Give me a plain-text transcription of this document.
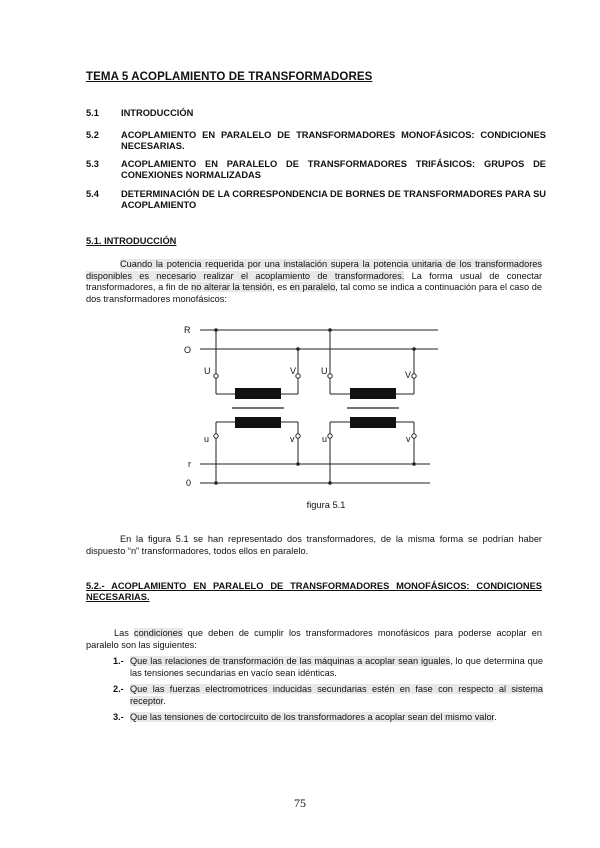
TEMA 5 ACOPLAMIENTO DE TRANSFORMADORES
5.1	INTRODUCCIÓN
5.2	ACOPLAMIENTO EN PARALELO DE TRANSFORMADORES MONOFÁSICOS: CONDICIONES NECESARIAS.
5.3	ACOPLAMIENTO EN PARALELO DE TRANSFORMADORES TRIFÁSICOS: GRUPOS DE CONEXIONES NORMALIZADAS
5.4	DETERMINACIÓN DE LA CORRESPONDENCIA DE BORNES DE TRANSFORMADORES PARA SU ACOPLAMIENTO
5.1. INTRODUCCIÓN
Cuando la potencia requerida por una instalación supera la potencia unitaria de los transformadores disponibles es necesario realizar el acoplamiento de transformadores. La forma usual de conectar transformadores, a fin de no alterar la tensión, es en paralelo, tal como se indica a continuación para el caso de dos transformadores monofásicos:
R
O
U	V	U	V
u	v	u	v
r
0
figura 5.1
En la figura 5.1 se han representado dos transformadores, de la misma forma se podrían haber dispuesto “n” transformadores, todos ellos en paralelo.
5.2.- ACOPLAMIENTO EN PARALELO DE TRANSFORMADORES MONOFÁSICOS: CONDICIONES NECESARIAS.
Las condiciones que deben de cumplir los transformadores monofásicos para poderse acoplar en paralelo son las siguientes:
1.- Que las relaciones de transformación de las máquinas a acoplar sean iguales, lo que determina que las tensiones secundarias en vacío sean idénticas.
2.- Que las fuerzas electromotrices inducidas secundarias estén en fase con respecto al sistema receptor.
3.- Que las tensiones de cortocircuito de los transformadores a acoplar sean del mismo valor.
75
